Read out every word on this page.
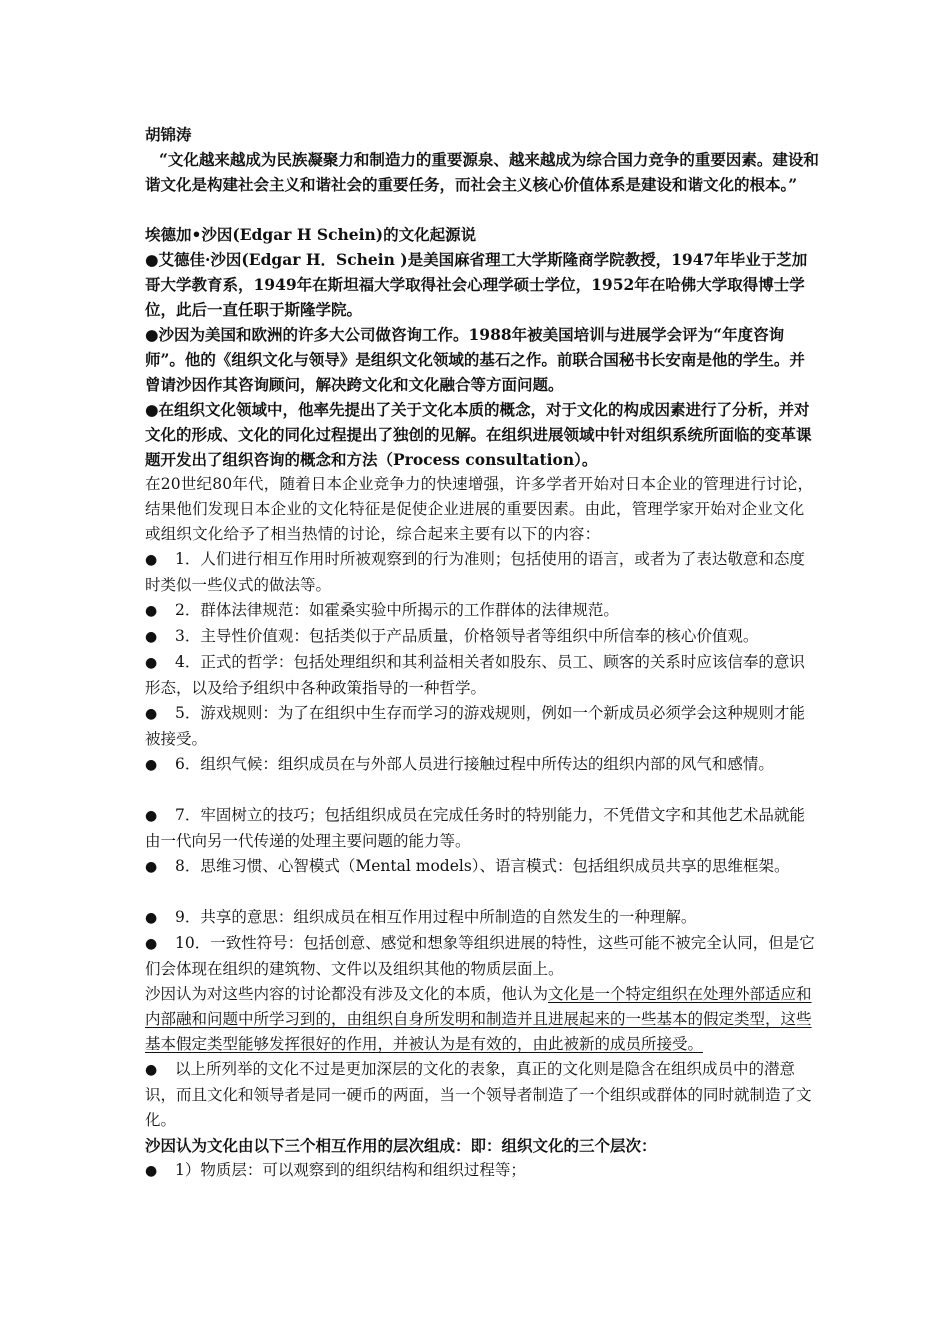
胡锦涛

“文化越来越成为民族凝聚力和制造力的重要源泉、越来越成为综合国力竞争的重要因素。建设和谐文化是构建社会主义和谐社会的重要任务，而社会主义核心价值体系是建设和谐文化的根本。”

埃德加•沙因(Edgar H Schein)的文化起源说

●艾德佳·沙因(Edgar H．Schein )是美国麻省理工大学斯隆商学院教授，1947年毕业于芝加哥大学教育系，1949年在斯坦福大学取得社会心理学硕士学位，1952年在哈佛大学取得博士学位，此后一直任职于斯隆学院。

●沙因为美国和欧洲的许多大公司做咨询工作。1988年被美国培训与进展学会评为“年度咨询师”。他的《组织文化与领导》是组织文化领域的基石之作。前联合国秘书长安南是他的学生。并曾请沙因作其咨询顾问，解决跨文化和文化融合等方面问题。

●在组织文化领域中，他率先提出了关于文化本质的概念，对于文化的构成因素进行了分析，并对文化的形成、文化的同化过程提出了独创的见解。在组织进展领域中针对组织系统所面临的变革课题开发出了组织咨询的概念和方法（Process consultation）。

在20世纪80年代，随着日本企业竞争力的快速增强，许多学者开始对日本企业的管理进行讨论，结果他们发现日本企业的文化特征是促使企业进展的重要因素。由此，管理学家开始对企业文化或组织文化给予了相当热情的讨论，综合起来主要有以下的内容：

● 1．人们进行相互作用时所被观察到的行为准则；包括使用的语言，或者为了表达敬意和态度时类似一些仪式的做法等。

● 2．群体法律规范：如霍桑实验中所揭示的工作群体的法律规范。

● 3．主导性价值观：包括类似于产品质量，价格领导者等组织中所信奉的核心价值观。

● 4．正式的哲学：包括处理组织和其利益相关者如股东、员工、顾客的关系时应该信奉的意识形态，以及给予组织中各种政策指导的一种哲学。

● 5．游戏规则：为了在组织中生存而学习的游戏规则，例如一个新成员必须学会这种规则才能被接受。

● 6．组织气候：组织成员在与外部人员进行接触过程中所传达的组织内部的风气和感情。

● 7．牢固树立的技巧；包括组织成员在完成任务时的特别能力，不凭借文字和其他艺术品就能由一代向另一代传递的处理主要问题的能力等。

● 8．思维习惯、心智模式（Mental models）、语言模式：包括组织成员共享的思维框架。

● 9．共享的意思：组织成员在相互作用过程中所制造的自然发生的一种理解。

● 10．一致性符号：包括创意、感觉和想象等组织进展的特性，这些可能不被完全认同，但是它们会体现在组织的建筑物、文件以及组织其他的物质层面上。

沙因认为对这些内容的讨论都没有涉及文化的本质，他认为文化是一个特定组织在处理外部适应和内部融和问题中所学习到的，由组织自身所发明和制造并且进展起来的一些基本的假定类型，这些基本假定类型能够发挥很好的作用，并被认为是有效的，由此被新的成员所接受。

● 以上所列举的文化不过是更加深层的文化的表象，真正的文化则是隐含在组织成员中的潜意识，而且文化和领导者是同一硬币的两面，当一个领导者制造了一个组织或群体的同时就制造了文化。

沙因认为文化由以下三个相互作用的层次组成：即：组织文化的三个层次：

● 1）物质层：可以观察到的组织结构和组织过程等；
